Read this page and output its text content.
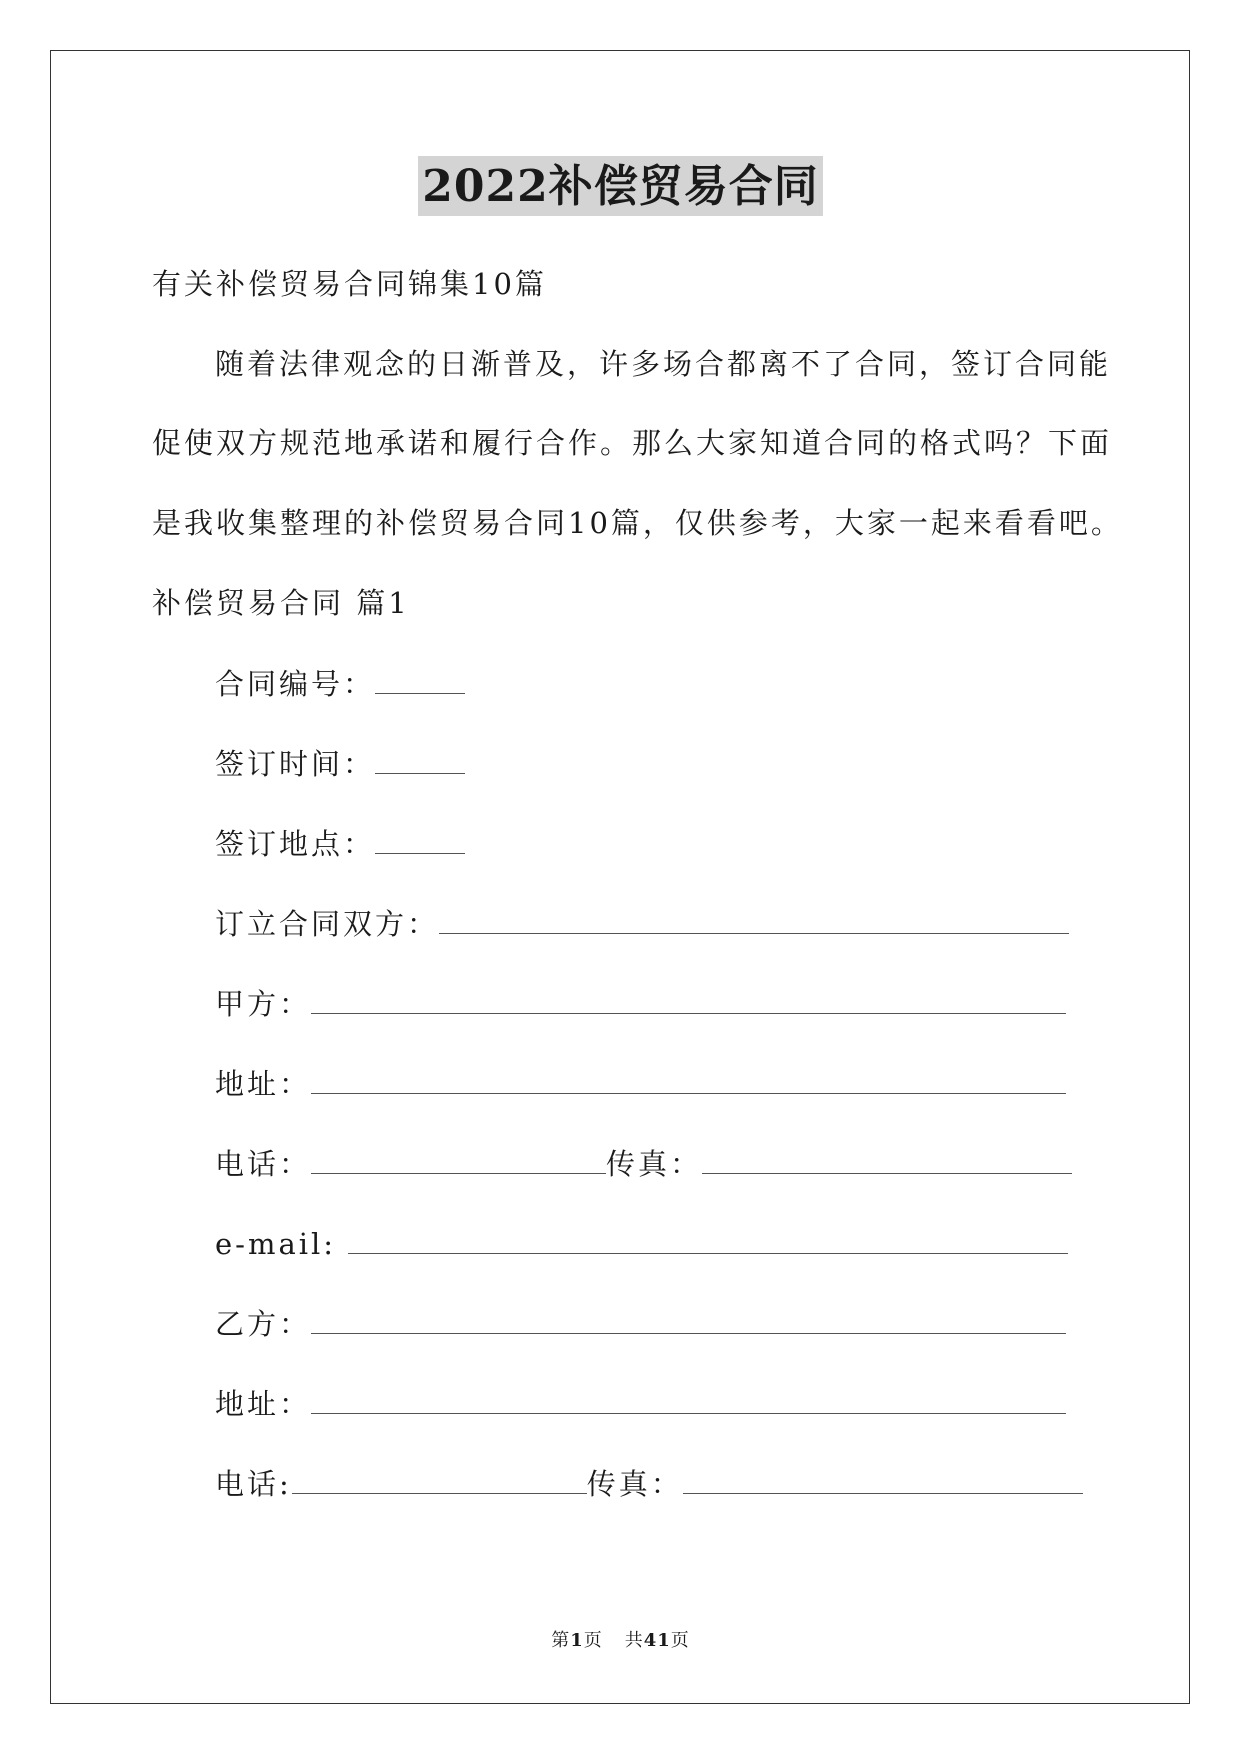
2022补偿贸易合同
有关补偿贸易合同锦集10篇
随着法律观念的日渐普及，许多场合都离不了合同，签订合同能
促使双方规范地承诺和履行合作。那么大家知道合同的格式吗？下面
是我收集整理的补偿贸易合同10篇，仅供参考，大家一起来看看吧。
补偿贸易合同 篇1
合同编号：
签订时间：
签订地点：
订立合同双方：
甲方：
地址：
电话：	传真：
e-mail:
乙方：
地址：
电话:	传真：
第1页 共41页
